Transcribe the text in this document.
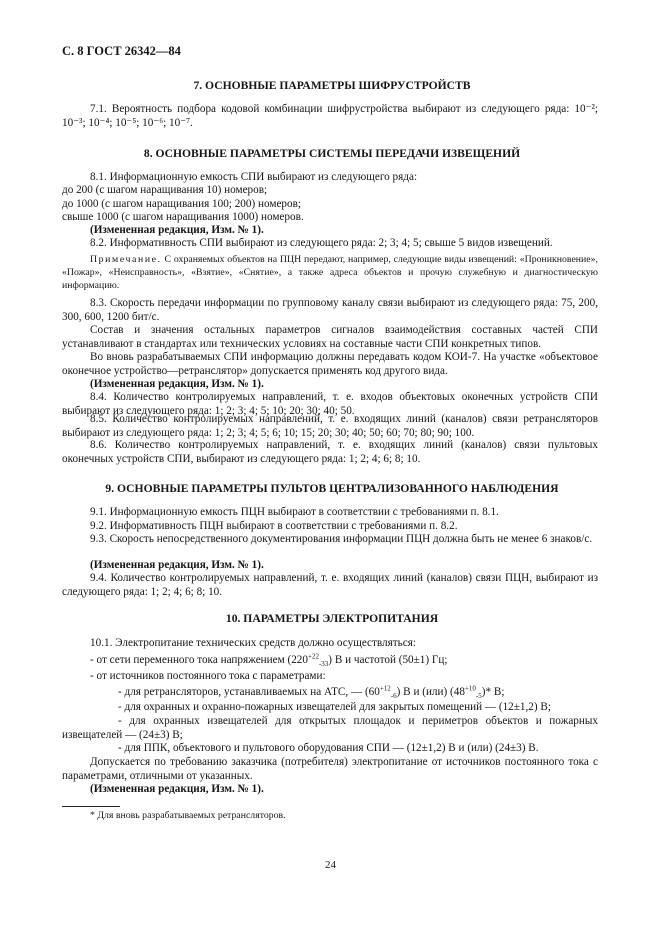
С. 8 ГОСТ 26342—84
7. ОСНОВНЫЕ ПАРАМЕТРЫ ШИФРУСТРОЙСТВ

7.1. Вероятность подбора кодовой комбинации шифрустройства выбирают из следующего ряда: 10⁻²; 10⁻³; 10⁻⁴; 10⁻⁵; 10⁻⁶; 10⁻⁷.

8. ОСНОВНЫЕ ПАРАМЕТРЫ СИСТЕМЫ ПЕРЕДАЧИ ИЗВЕЩЕНИЙ

8.1. Информационную емкость СПИ выбирают из следующего ряда:

до 200 (с шагом наращивания 10) номеров;

до 1000 (с шагом наращивания 100; 200) номеров;

свыше 1000 (с шагом наращивания 1000) номеров.

(Измененная редакция, Изм. № 1).

8.2. Информативность СПИ выбирают из следующего ряда: 2; 3; 4; 5; свыше 5 видов извещений.

Примечание. С охраняемых объектов на ПЦН передают, например, следующие виды извещений: «Проникновение», «Пожар», «Неисправность», «Взятие», «Снятие», а также адреса объектов и прочую служебную и диагностическую информацию.

8.3. Скорость передачи информации по групповому каналу связи выбирают из следующего ряда: 75, 200, 300, 600, 1200 бит/с.

Состав и значения остальных параметров сигналов взаимодействия составных частей СПИ устанавливают в стандартах или технических условиях на составные части СПИ конкретных типов.

Во вновь разрабатываемых СПИ информацию должны передавать кодом КОИ-7. На участке «объектовое оконечное устройство—ретранслятор» допускается применять код другого вида.

(Измененная редакция, Изм. № 1).

8.4. Количество контролируемых направлений, т. е. входов объектовых оконечных устройств СПИ выбирают из следующего ряда: 1; 2; 3; 4; 5; 10; 20; 30; 40; 50.

8.5. Количество контролируемых направлений, т. е. входящих линий (каналов) связи ретрансляторов выбирают из следующего ряда: 1; 2; 3; 4; 5; 6; 10; 15; 20; 30; 40; 50; 60; 70; 80; 90; 100.

8.6. Количество контролируемых направлений, т. е. входящих линий (каналов) связи пультовых оконечных устройств СПИ, выбирают из следующего ряда: 1; 2; 4; 6; 8; 10.

9. ОСНОВНЫЕ ПАРАМЕТРЫ ПУЛЬТОВ ЦЕНТРАЛИЗОВАННОГО НАБЛЮДЕНИЯ

9.1. Информационную емкость ПЦН выбирают в соответствии с требованиями п. 8.1.

9.2. Информативность ПЦН выбирают в соответствии с требованиями п. 8.2.

9.3. Скорость непосредственного документирования информации ПЦН должна быть не менее 6 знаков/с.

(Измененная редакция, Изм. № 1).

9.4. Количество контролируемых направлений, т. е. входящих линий (каналов) связи ПЦН, выбирают из следующего ряда: 1; 2; 4; 6; 8; 10.

10. ПАРАМЕТРЫ ЭЛЕКТРОПИТАНИЯ

10.1. Электропитание технических средств должно осуществляться:

- от сети переменного тока напряжением $(220^{+22}_{-33})$ В и частотой (50±1) Гц;

- от источников постоянного тока с параметрами:

- для ретрансляторов, устанавливаемых на АТС, — $(60^{+12}_{-6})$ В и (или) $(48^{+10}_{-5})*$ В;

- для охранных и охранно-пожарных извещателей для закрытых помещений — (12±1,2) В;

- для охранных извещателей для открытых площадок и периметров объектов и пожарных извещателей — (24±3) В;

- для ППК, объектового и пультового оборудования СПИ — (12±1,2) В и (или) (24±3) В.

Допускается по требованию заказчика (потребителя) электропитание от источников постоянного тока с параметрами, отличными от указанных.

(Измененная редакция, Изм. № 1).

* Для вновь разрабатываемых ретрансляторов.
24
